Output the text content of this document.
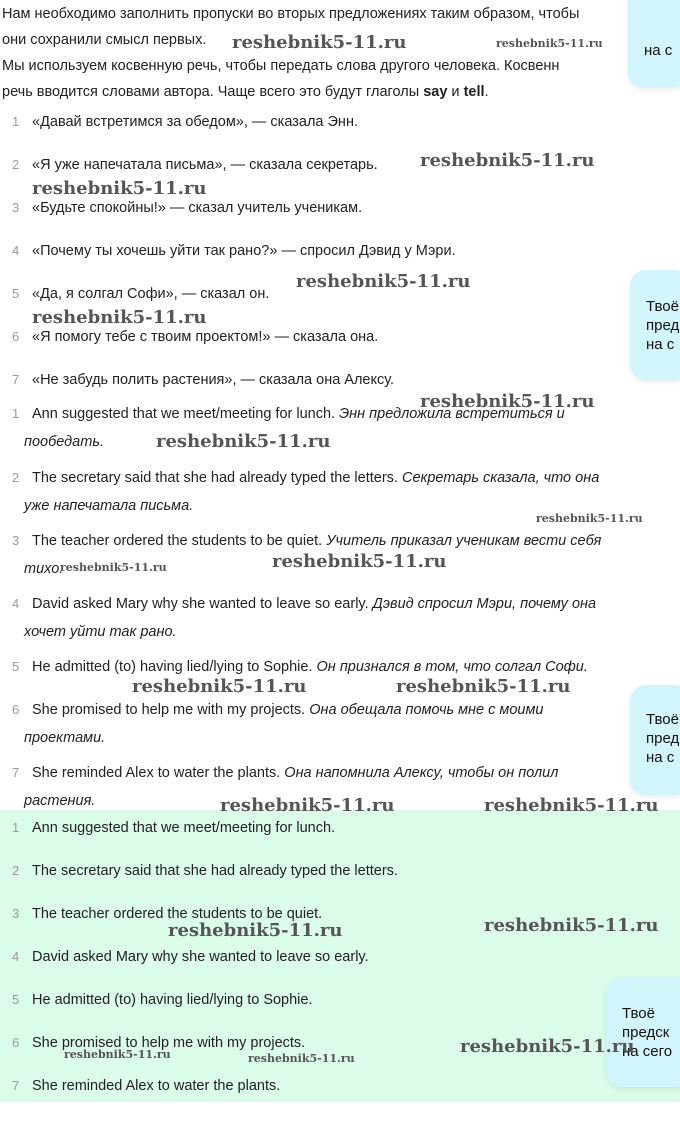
Нам необходимо заполнить пропуски во вторых предложениях таким образом, чтобы
они сохранили смысл первых.
Мы используем косвенную речь, чтобы передать слова другого человека. Косвенн
речь вводится словами автора. Чаще всего это будут глаголы say и tell.
1 «Давай встретимся за обедом», — сказала Энн.
2 «Я уже напечатала письма», — сказала секретарь.
3 «Будьте спокойны!» — сказал учитель ученикам.
4 «Почему ты хочешь уйти так рано?» — спросил Дэвид у Мэри.
5 «Да, я солгал Софи», — сказал он.
6 «Я помогу тебе с твоим проектом!» — сказала она.
7 «Не забудь полить растения», — сказала она Алексу.
1 Ann suggested that we meet/meeting for lunch. Энн предложила встретиться и
пообедать.
2 The secretary said that she had already typed the letters. Секретарь сказала, что она
уже напечатала письма.
3 The teacher ordered the students to be quiet. Учитель приказал ученикам вести себя
тихо.
4 David asked Mary why she wanted to leave so early. Дэвид спросил Мэри, почему она
хочет уйти так рано.
5 He admitted (to) having lied/lying to Sophie. Он признался в том, что солгал Софи.
6 She promised to help me with my projects. Она обещала помочь мне с моими
проектами.
7 She reminded Alex to water the plants. Она напомнила Алексу, чтобы он полил
растения.
1 Ann suggested that we meet/meeting for lunch.
2 The secretary said that she had already typed the letters.
3 The teacher ordered the students to be quiet.
4 David asked Mary why she wanted to leave so early.
5 He admitted (to) having lied/lying to Sophie.
6 She promised to help me with my projects.
7 She reminded Alex to water the plants.
на с
Твоё
пред
на с
Твоё
пред
на с
Твоё
предск
на сего
reshebnik5-11.ru	reshebnik5-11.ru
reshebnik5-11.ru
reshebnik5-11.ru
reshebnik5-11.ru
reshebnik5-11.ru
reshebnik5-11.ru
reshebnik5-11.ru
reshebnik5-11.ru
reshebnik5-11.ru	reshebnik5-11.ru
reshebnik5-11.ru	reshebnik5-11.ru
reshebnik5-11.ru	reshebnik5-11.ru
reshebnik5-11.ru	reshebnik5-11.ru
reshebnik5-11.ru	reshebnik5-11.ru
reshebnik5-11.ru
